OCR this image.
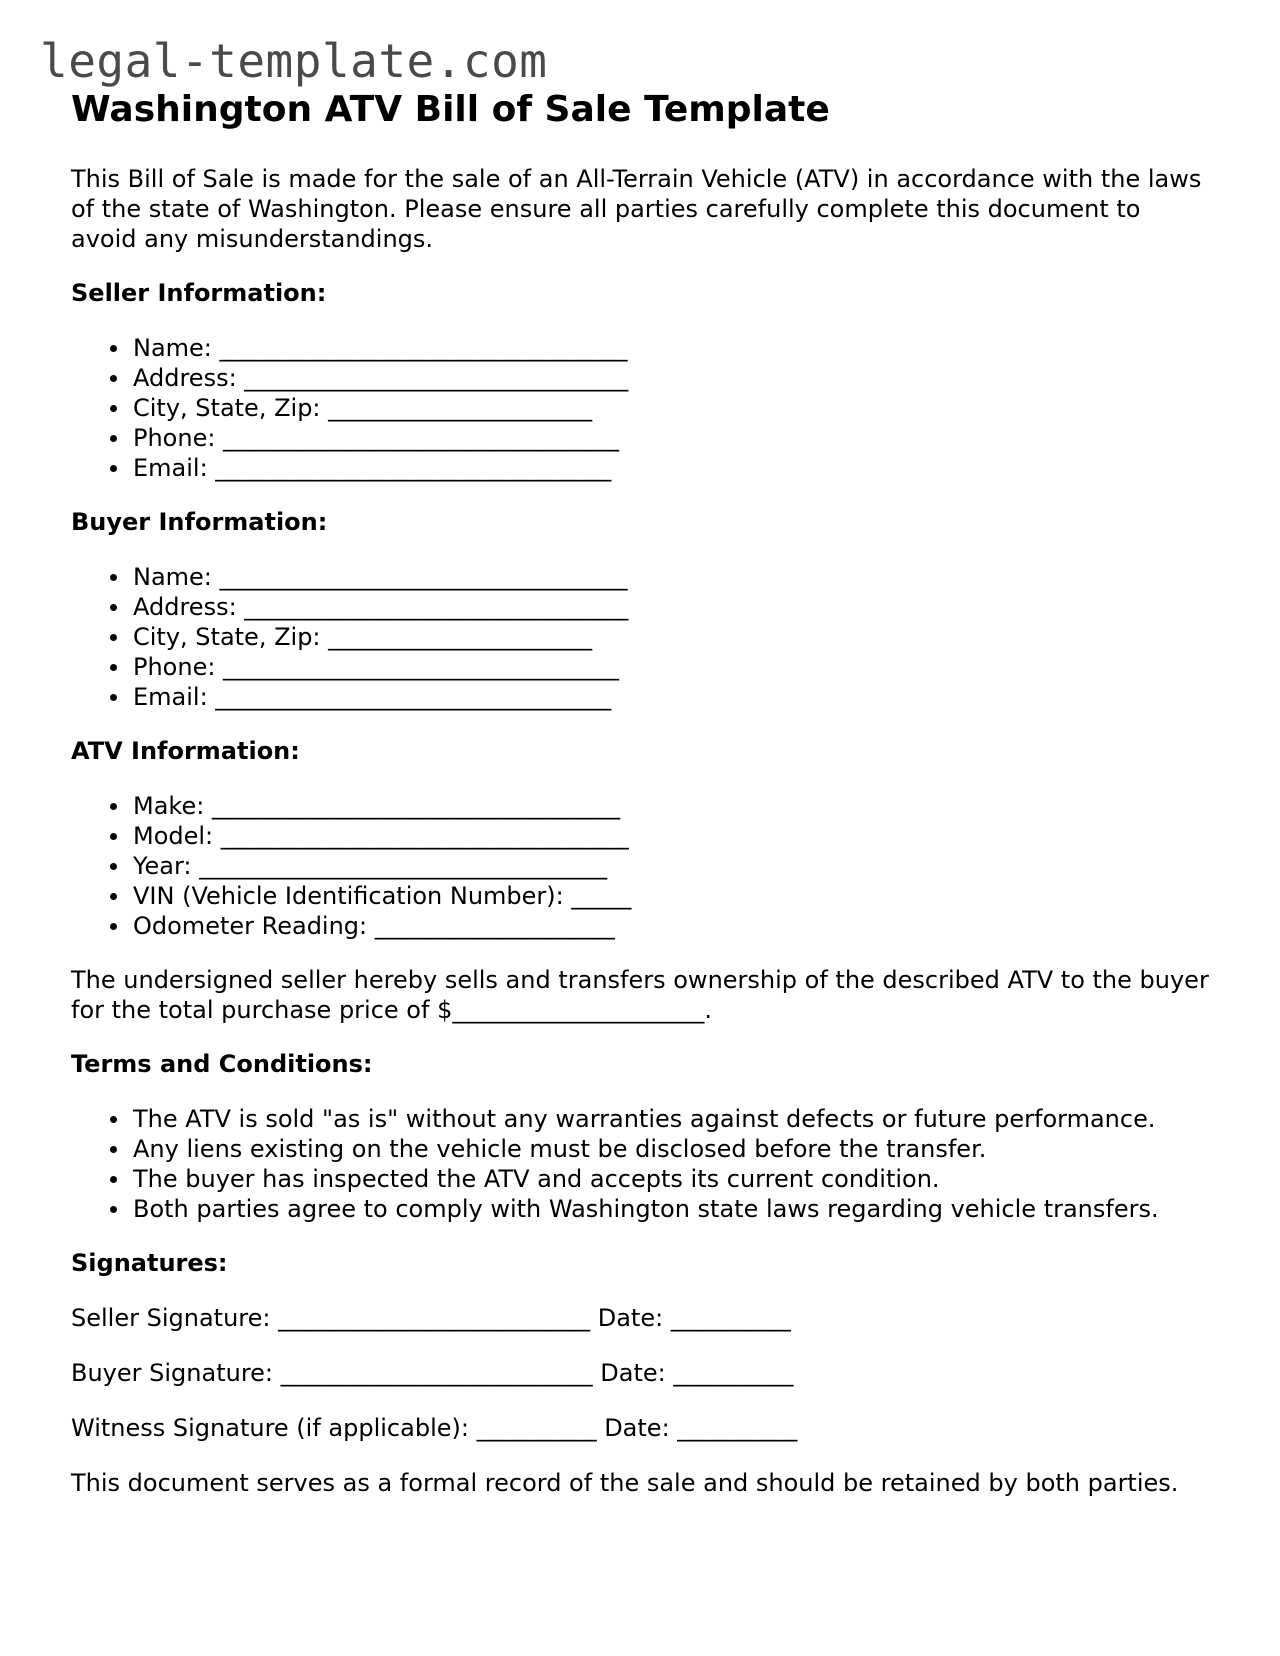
legal-template.com
Washington ATV Bill of Sale Template

This Bill of Sale is made for the sale of an All-Terrain Vehicle (ATV) in accordance with the laws of the state of Washington. Please ensure all parties carefully complete this document to avoid any misunderstandings.

Seller Information:
Name: __________________________________
Address: ________________________________
City, State, Zip: ______________________
Phone: _________________________________
Email: _________________________________
Buyer Information:
Name: __________________________________
Address: ________________________________
City, State, Zip: ______________________
Phone: _________________________________
Email: _________________________________
ATV Information:
Make: __________________________________
Model: __________________________________
Year: __________________________________
VIN (Vehicle Identification Number): _____
Odometer Reading: ____________________

The undersigned seller hereby sells and transfers ownership of the described ATV to the buyer for the total purchase price of $_____________________.

Terms and Conditions:
The ATV is sold "as is" without any warranties against defects or future performance.
Any liens existing on the vehicle must be disclosed before the transfer.
The buyer has inspected the ATV and accepts its current condition.
Both parties agree to comply with Washington state laws regarding vehicle transfers.
Signatures:

Seller Signature: __________________________ Date: __________

Buyer Signature: __________________________ Date: __________

Witness Signature (if applicable): __________ Date: __________

This document serves as a formal record of the sale and should be retained by both parties.
